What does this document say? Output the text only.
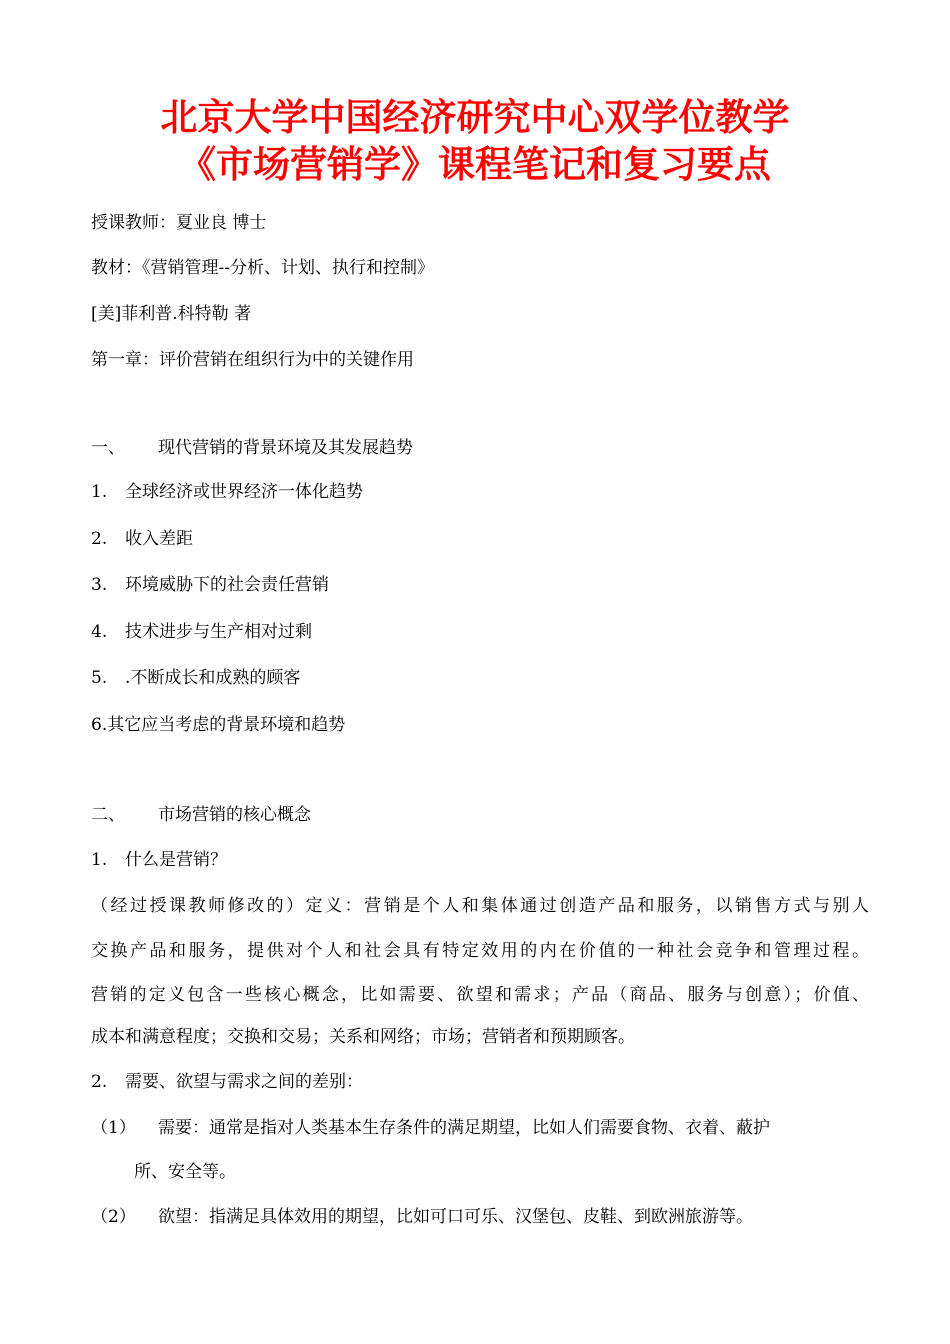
北京大学中国经济研究中心双学位教学
《市场营销学》课程笔记和复习要点
授课教师：夏业良 博士
教材：《营销管理--分析、计划、执行和控制》
[美]菲利普.科特勒 著
第一章：评价营销在组织行为中的关键作用
一、 现代营销的背景环境及其发展趋势
1. 全球经济或世界经济一体化趋势
2. 收入差距
3. 环境威胁下的社会责任营销
4. 技术进步与生产相对过剩
5. .不断成长和成熟的顾客
6.其它应当考虑的背景环境和趋势
二、 市场营销的核心概念
1. 什么是营销？
（经过授课教师修改的）定义：营销是个人和集体通过创造产品和服务，以销售方式与别人
交换产品和服务，提供对个人和社会具有特定效用的内在价值的一种社会竞争和管理过程。
营销的定义包含一些核心概念，比如需要、欲望和需求；产品（商品、服务与创意）；价值、
成本和满意程度；交换和交易；关系和网络；市场；营销者和预期顾客。
2. 需要、欲望与需求之间的差别：
（1） 需要：通常是指对人类基本生存条件的满足期望，比如人们需要食物、衣着、蔽护
所、安全等。
（2） 欲望：指满足具体效用的期望，比如可口可乐、汉堡包、皮鞋、到欧洲旅游等。
